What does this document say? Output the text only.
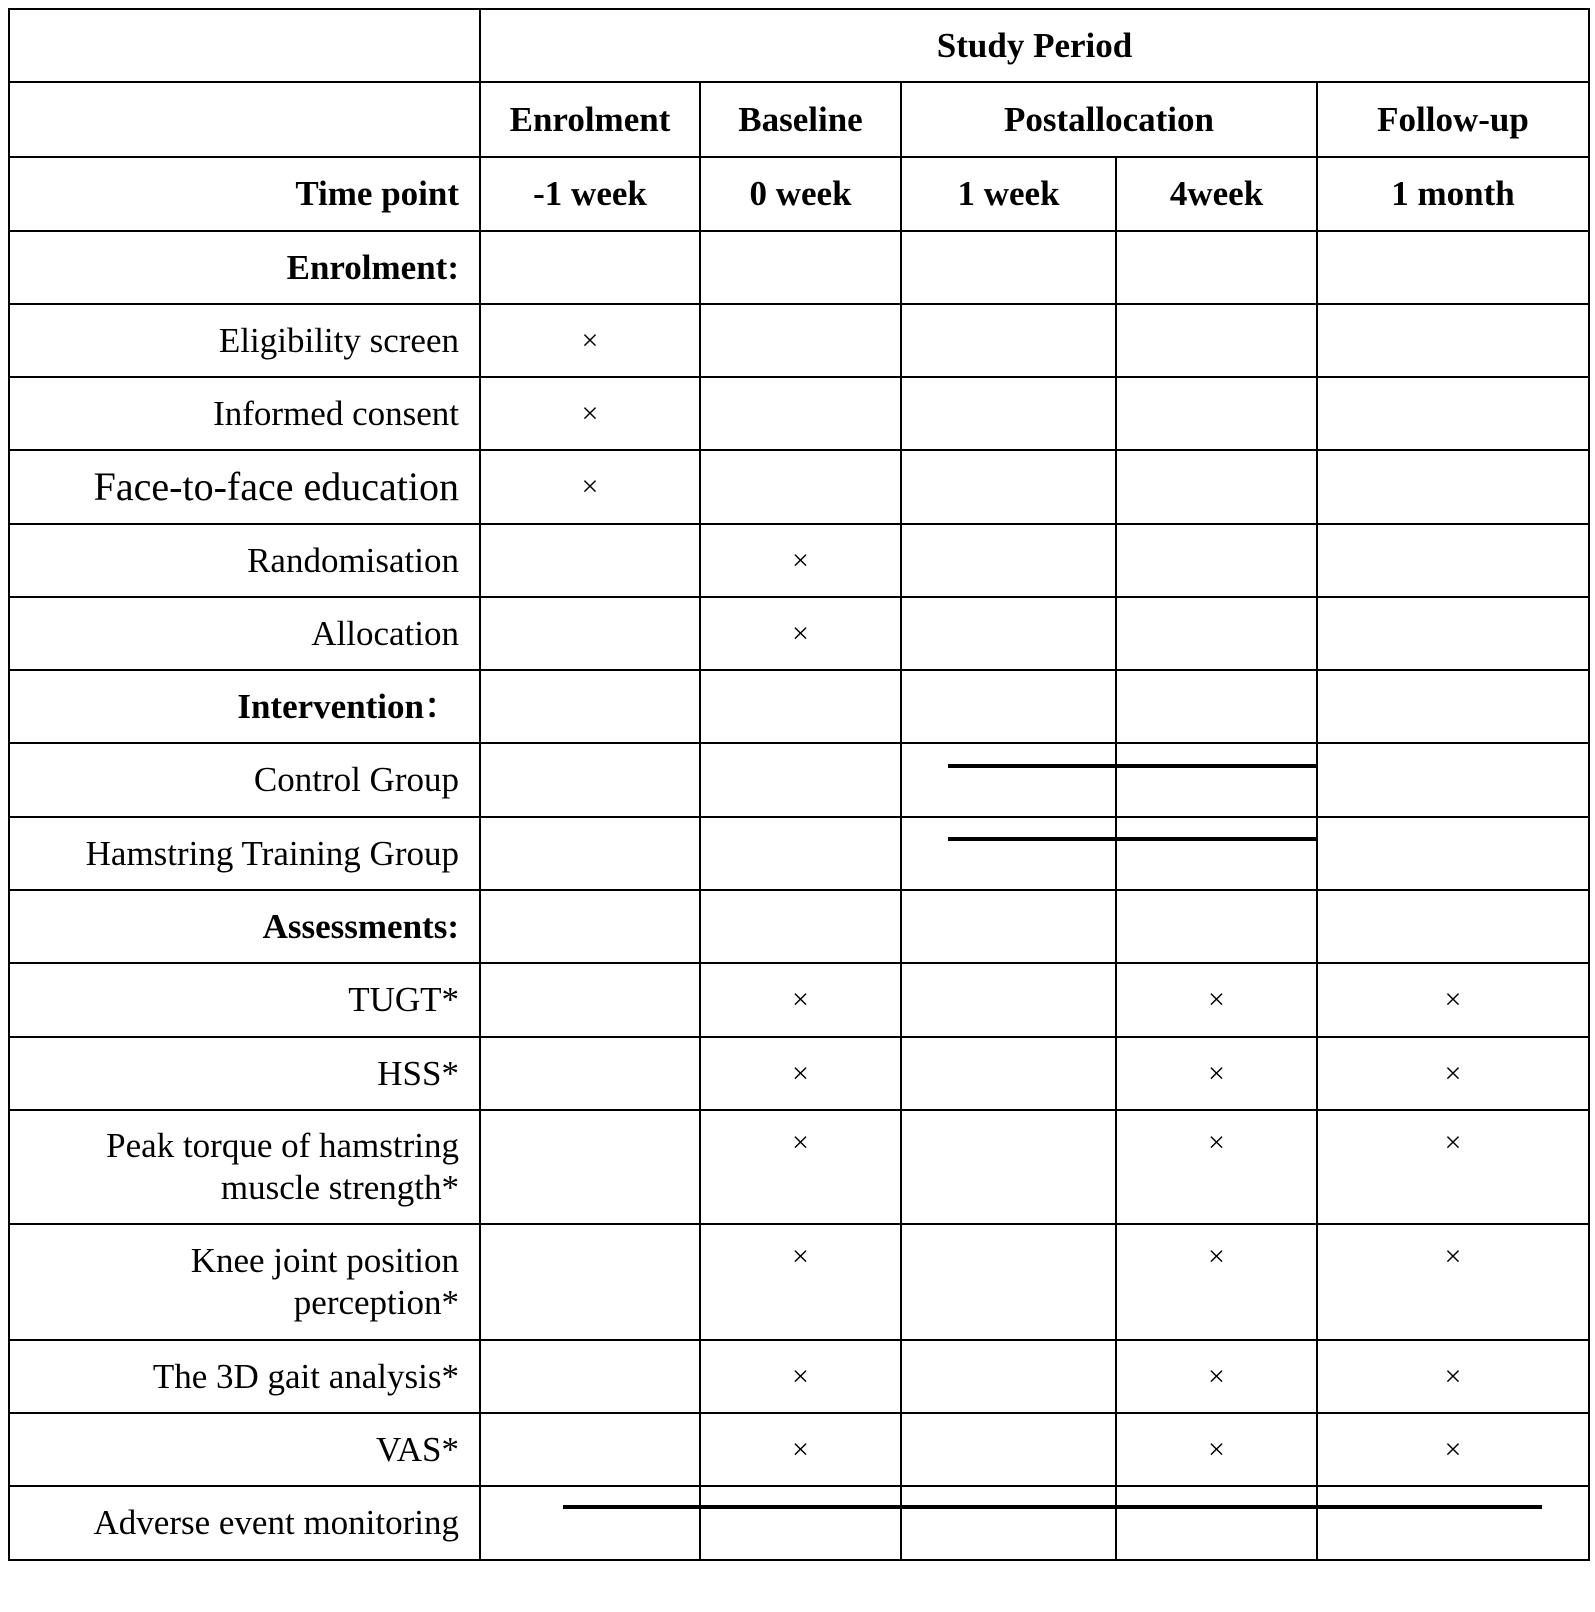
	Study Period				
	Enrolment	Baseline	Postallocation		Follow-up
Time point	-1 week	0 week	1 week	4week	1 month
Enrolment:					
Eligibility screen	×				
Informed consent	×				
Face-to-face education	×				
Randomisation		×			
Allocation		×			
Intervention：					
Control Group			

Hamstring Training Group			

Assessments:					
TUGT*		×		×	×
HSS*		×		×	×

Peak torque of hamstring
muscle strength*		×		×	×

Knee joint position
perception*		×		×	×
The 3D gait analysis*		×		×	×
VAS*		×		×	×
Adverse event monitoring	
